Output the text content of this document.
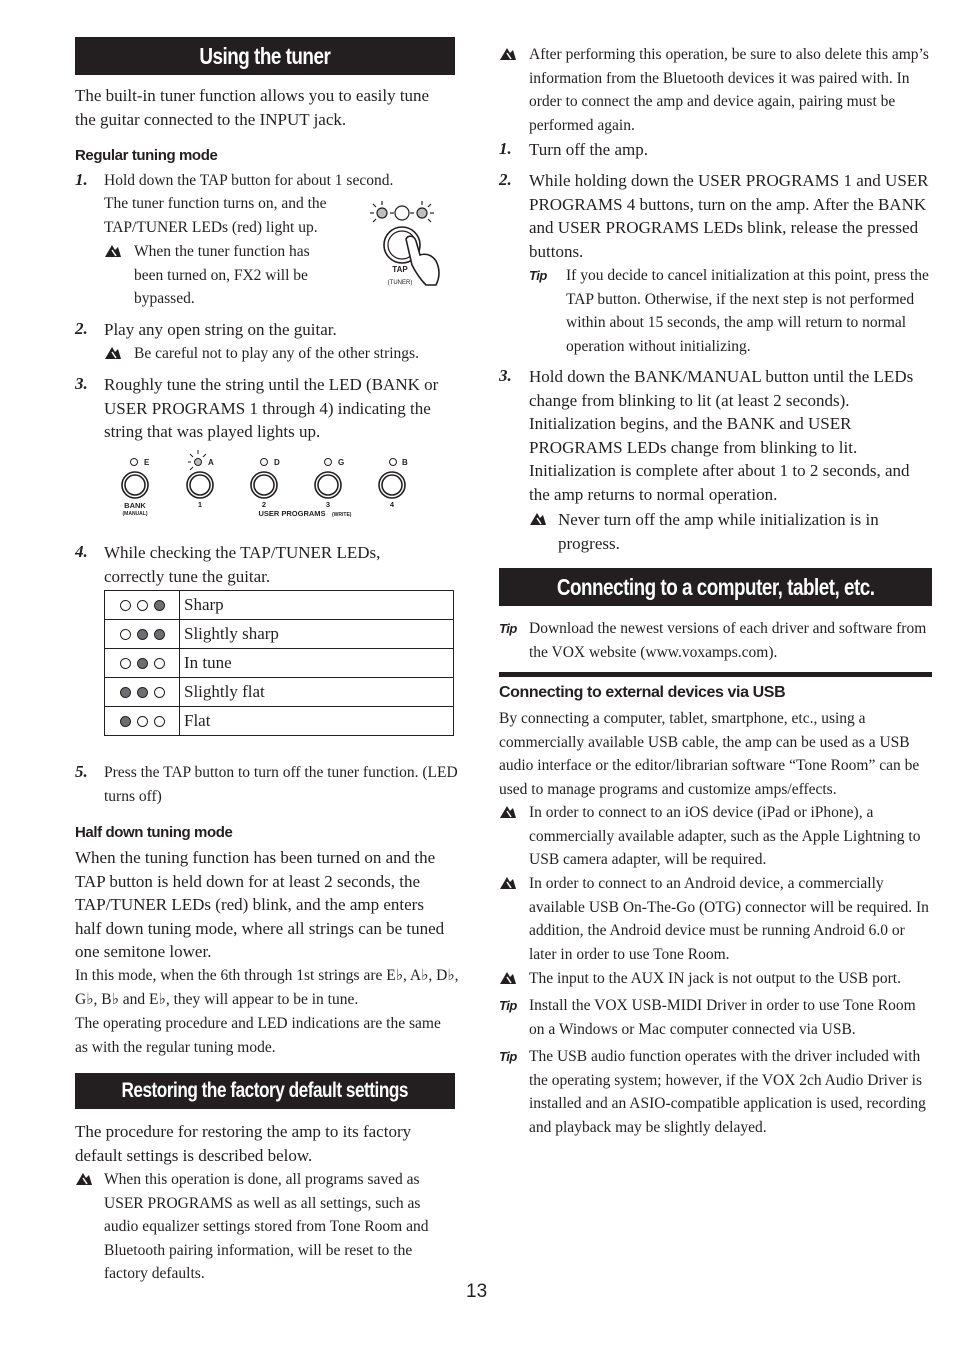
Using the tuner
The built-in tuner function allows you to easily tune the guitar connected to the INPUT jack.
Regular tuning mode
1. Hold down the TAP button for about 1 second.
The tuner function turns on, and the TAP/TUNER LEDs (red) light up.
When the tuner function has been turned on, FX2 will be bypassed.
TAP
(TUNER)
2. Play any open string on the guitar.
Be careful not to play any of the other strings.
3. Roughly tune the string until the LED (BANK or USER PROGRAMS 1 through 4) indicating the string that was played lights up.
E	A	D	G	B
BANK
(MANUAL)
1	2	3	4
USER PROGRAMS (WRITE)
4. While checking the TAP/TUNER LEDs, correctly tune the guitar.
	Sharp
	Slightly sharp
	In tune
	Slightly flat
	Flat
5. Press the TAP button to turn off the tuner function. (LED turns off)
Half down tuning mode
When the tuning function has been turned on and the TAP button is held down for at least 2 seconds, the TAP/TUNER LEDs (red) blink, and the amp enters half down tuning mode, where all strings can be tuned one semitone lower.
In this mode, when the 6th through 1st strings are E♭, A♭, D♭, G♭, B♭ and E♭, they will appear to be in tune.
The operating procedure and LED indications are the same as with the regular tuning mode.
Restoring the factory default settings
The procedure for restoring the amp to its factory default settings is described below.
When this operation is done, all programs saved as USER PROGRAMS as well as all settings, such as audio equalizer settings stored from Tone Room and Bluetooth pairing information, will be reset to the factory defaults.
After performing this operation, be sure to also delete this amp’s information from the Bluetooth devices it was paired with. In order to connect the amp and device again, pairing must be performed again.
1. Turn off the amp.
2. While holding down the USER PROGRAMS 1 and USER PROGRAMS 4 buttons, turn on the amp. After the BANK and USER PROGRAMS LEDs blink, release the pressed buttons.
Tip If you decide to cancel initialization at this point, press the TAP button. Otherwise, if the next step is not performed within about 15 seconds, the amp will return to normal operation without initializing.
3. Hold down the BANK/MANUAL button until the LEDs change from blinking to lit (at least 2 seconds). Initialization begins, and the BANK and USER PROGRAMS LEDs change from blinking to lit. Initialization is complete after about 1 to 2 seconds, and the amp returns to normal operation.
Never turn off the amp while initialization is in progress.
Connecting to a computer, tablet, etc.
Tip Download the newest versions of each driver and software from the VOX website (www.voxamps.com).
Connecting to external devices via USB
By connecting a computer, tablet, smartphone, etc., using a commercially available USB cable, the amp can be used as a USB audio interface or the editor/librarian software “Tone Room” can be used to manage programs and customize amps/effects.
In order to connect to an iOS device (iPad or iPhone), a commercially available adapter, such as the Apple Lightning to USB camera adapter, will be required.
In order to connect to an Android device, a commercially available USB On-The-Go (OTG) connector will be required. In addition, the Android device must be running Android 6.0 or later in order to use Tone Room.
The input to the AUX IN jack is not output to the USB port.
Tip Install the VOX USB-MIDI Driver in order to use Tone Room on a Windows or Mac computer connected via USB.
Tip The USB audio function operates with the driver included with the operating system; however, if the VOX 2ch Audio Driver is installed and an ASIO-compatible application is used, recording and playback may be slightly delayed.
13
